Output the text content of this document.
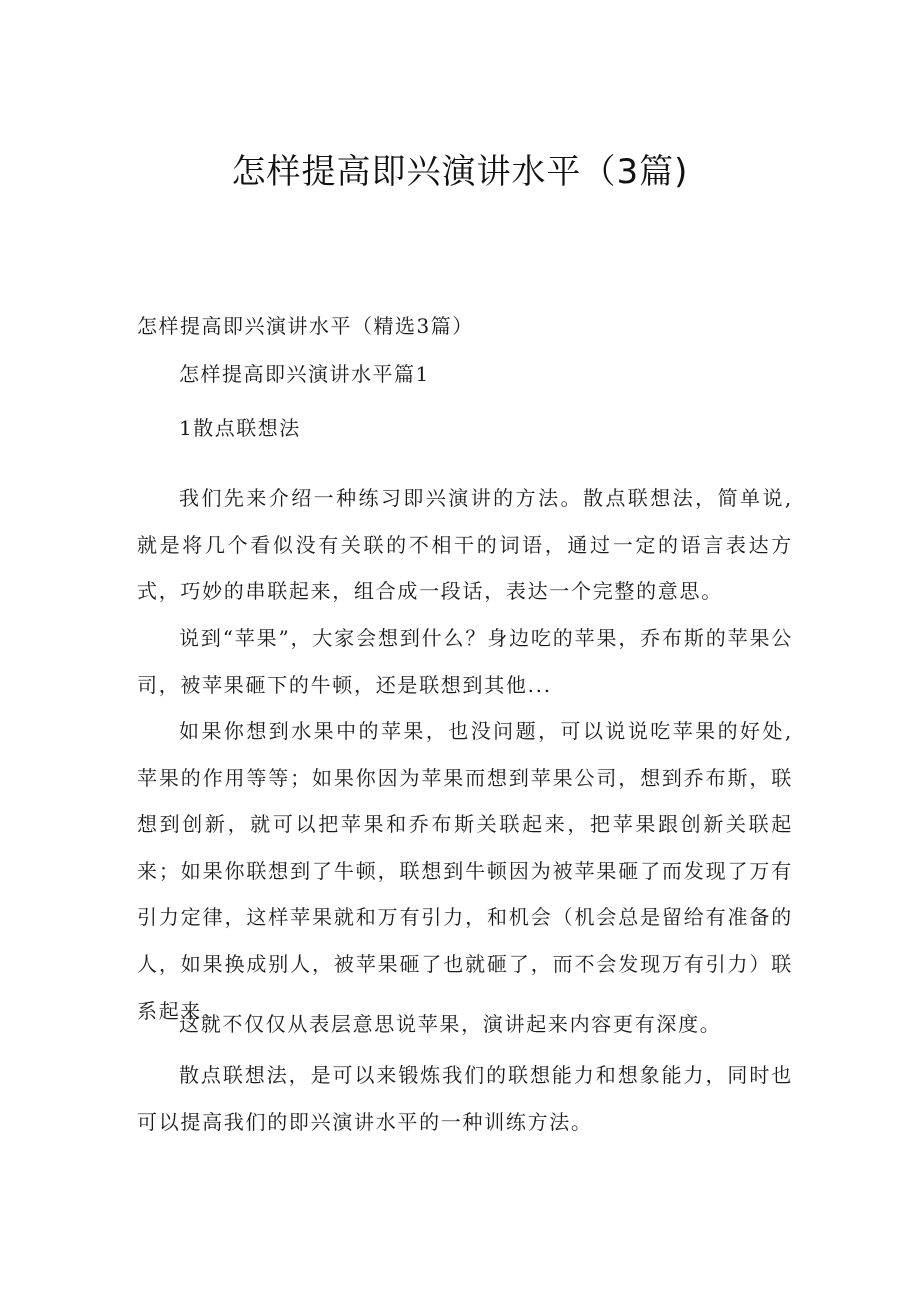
怎样提高即兴演讲水平（3篇)

怎样提高即兴演讲水平（精选3篇）

怎样提高即兴演讲水平篇1

1散点联想法

我们先来介绍一种练习即兴演讲的方法。散点联想法，简单说,就是将几个看似没有关联的不相干的词语，通过一定的语言表达方式，巧妙的串联起来，组合成一段话，表达一个完整的意思。

说到“苹果”，大家会想到什么？身边吃的苹果，乔布斯的苹果公司，被苹果砸下的牛顿，还是联想到其他...

如果你想到水果中的苹果，也没问题，可以说说吃苹果的好处,苹果的作用等等；如果你因为苹果而想到苹果公司，想到乔布斯，联想到创新，就可以把苹果和乔布斯关联起来，把苹果跟创新关联起来；如果你联想到了牛顿，联想到牛顿因为被苹果砸了而发现了万有引力定律，这样苹果就和万有引力，和机会（机会总是留给有准备的人，如果换成别人，被苹果砸了也就砸了，而不会发现万有引力）联系起来。

这就不仅仅从表层意思说苹果，演讲起来内容更有深度。

散点联想法，是可以来锻炼我们的联想能力和想象能力，同时也可以提高我们的即兴演讲水平的一种训练方法。
